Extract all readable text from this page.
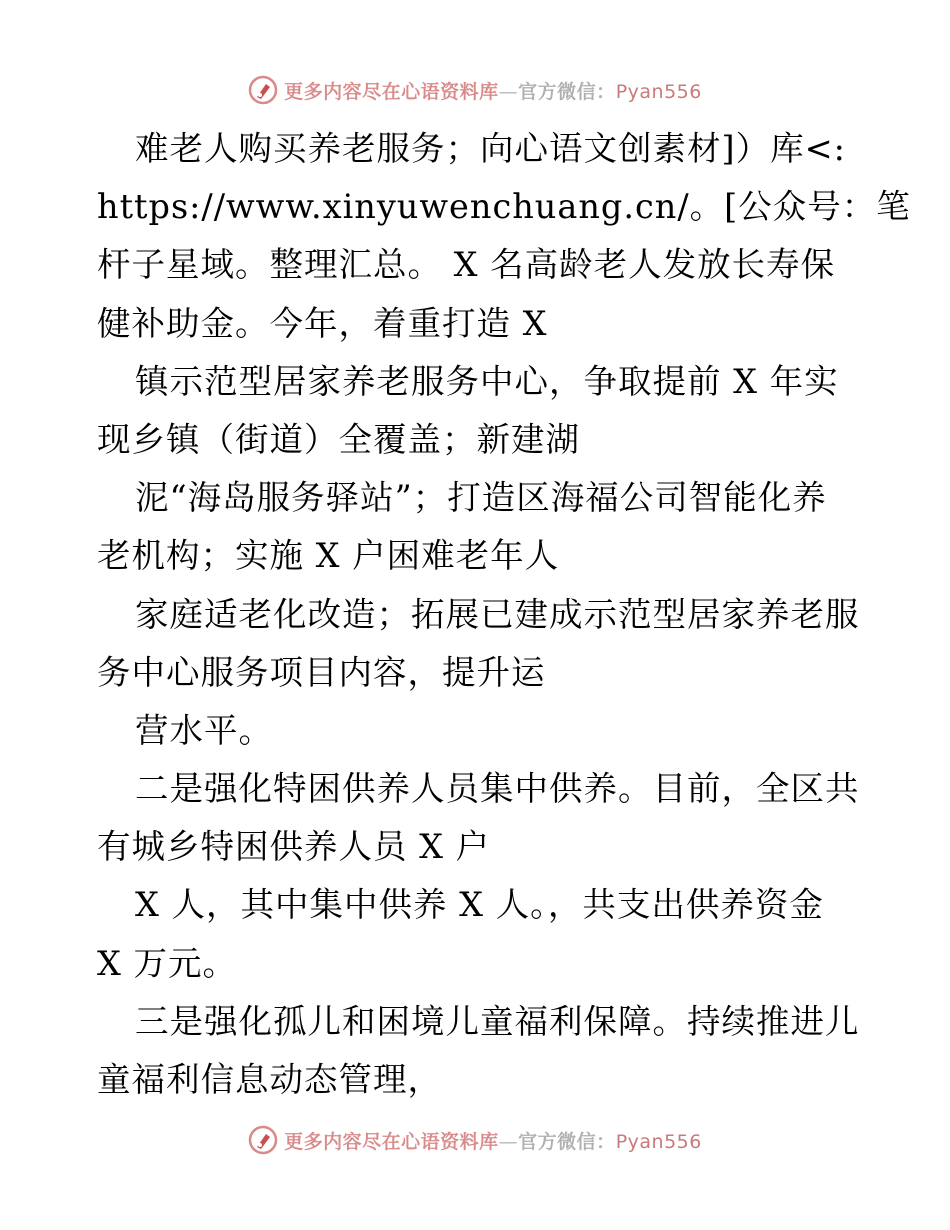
更多内容尽在心语资料库—官方微信：Pyan556
难老人购买养老服务；向心语文创素材]）库<:
https://www.xinyuwenchuang.cn/。[公众号：笔
杆子星域。整理汇总。 X 名高龄老人发放长寿保
健补助金。今年，着重打造 X
镇示范型居家养老服务中心，争取提前 X 年实
现乡镇（街道）全覆盖；新建湖
泥“海岛服务驿站”；打造区海福公司智能化养
老机构；实施 X 户困难老年人
家庭适老化改造；拓展已建成示范型居家养老服
务中心服务项目内容，提升运
营水平。
二是强化特困供养人员集中供养。目前，全区共
有城乡特困供养人员 X 户
X 人，其中集中供养 X 人。，共支出供养资金
X 万元。
三是强化孤儿和困境儿童福利保障。持续推进儿
童福利信息动态管理，
更多内容尽在心语资料库—官方微信：Pyan556
